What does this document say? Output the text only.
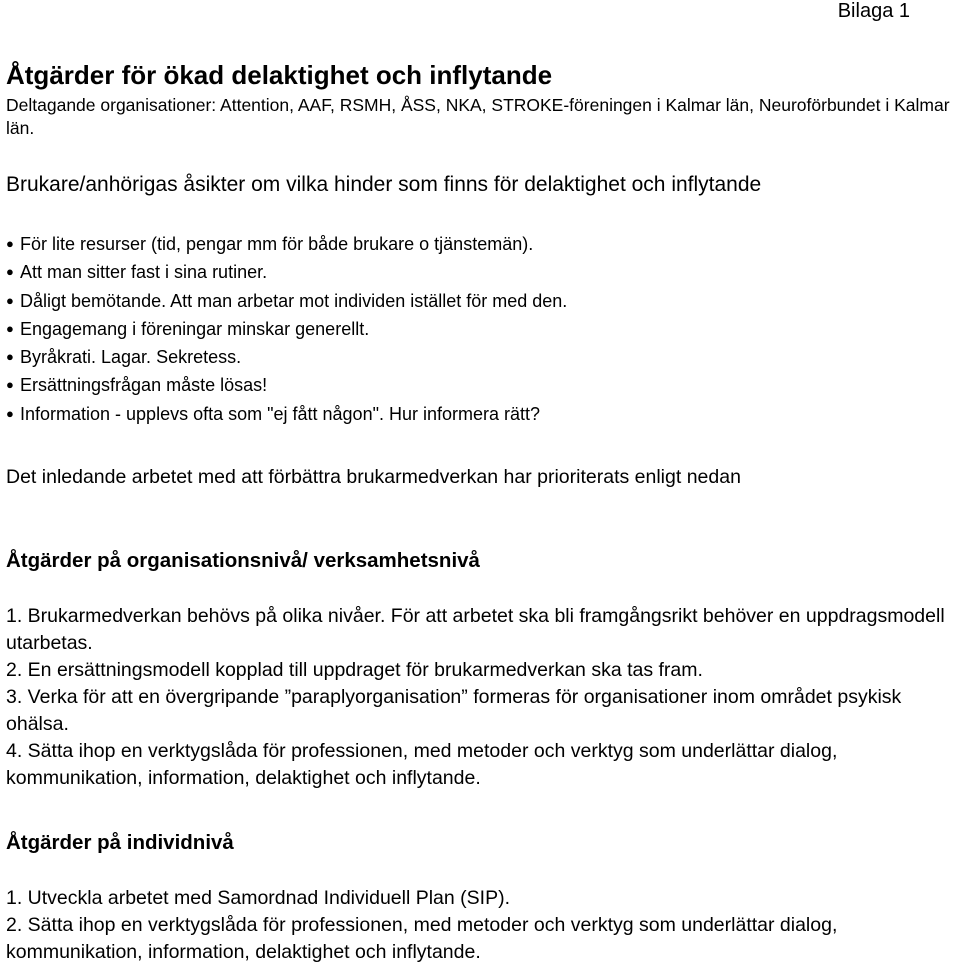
Bilaga 1
Åtgärder för ökad delaktighet och inflytande

Deltagande organisationer: Attention, AAF, RSMH, ÅSS, NKA, STROKE-föreningen i Kalmar län, Neuroförbundet i Kalmar län.

Brukare/anhörigas åsikter om vilka hinder som finns för delaktighet och inflytande
● För lite resurser (tid, pengar mm för både brukare o tjänstemän).
● Att man sitter fast i sina rutiner.
● Dåligt bemötande. Att man arbetar mot individen istället för med den.
● Engagemang i föreningar minskar generellt.
● Byråkrati. Lagar. Sekretess.
● Ersättningsfrågan måste lösas!
● Information - upplevs ofta som "ej fått någon". Hur informera rätt?

Det inledande arbetet med att förbättra brukarmedverkan har prioriterats enligt nedan

Åtgärder på organisationsnivå/ verksamhetsnivå

1. Brukarmedverkan behövs på olika nivåer. För att arbetet ska bli framgångsrikt behöver en uppdragsmodell utarbetas.

2. En ersättningsmodell kopplad till uppdraget för brukarmedverkan ska tas fram.

3. Verka för att en övergripande ”paraplyorganisation” formeras för organisationer inom området psykisk ohälsa.

4. Sätta ihop en verktygslåda för professionen, med metoder och verktyg som underlättar dialog, kommunikation, information, delaktighet och inflytande.

Åtgärder på individnivå

1. Utveckla arbetet med Samordnad Individuell Plan (SIP).

2. Sätta ihop en verktygslåda för professionen, med metoder och verktyg som underlättar dialog, kommunikation, information, delaktighet och inflytande.
